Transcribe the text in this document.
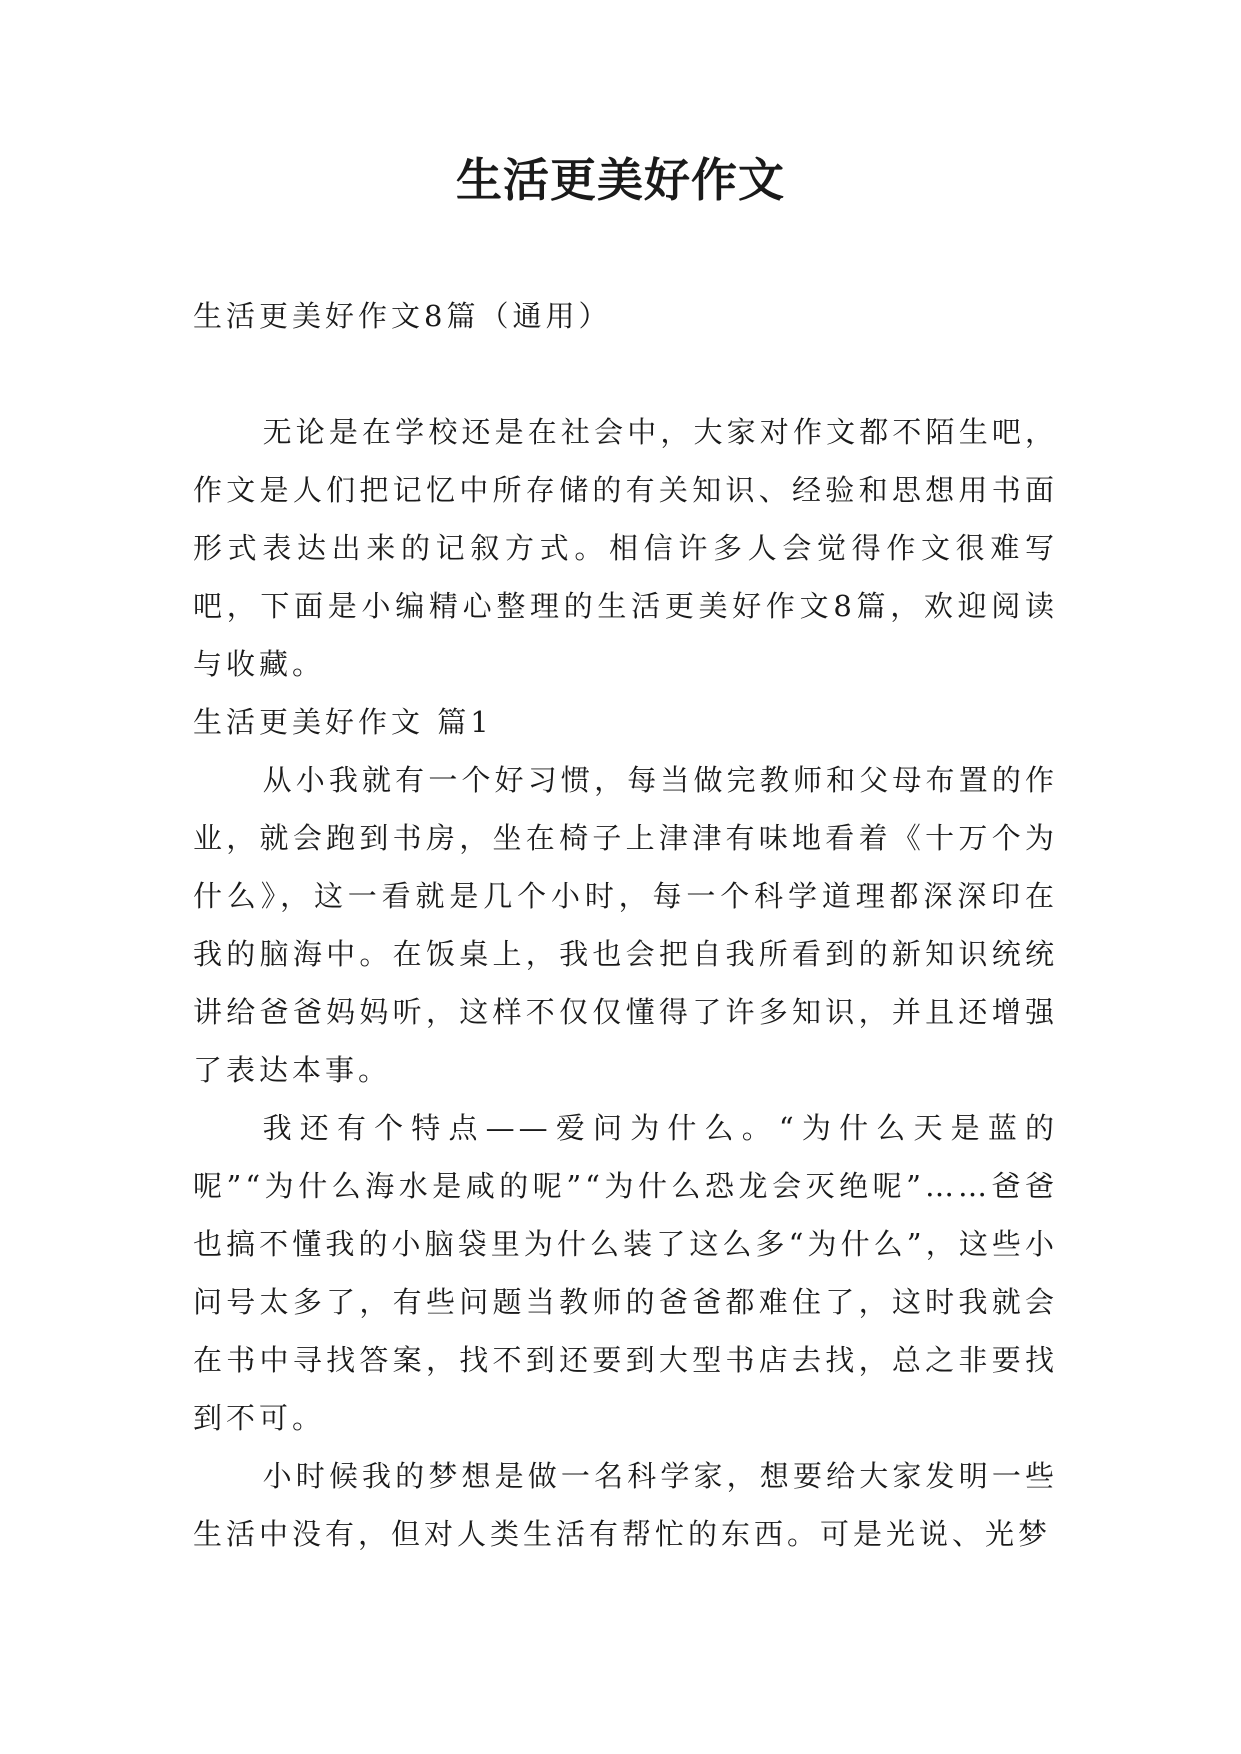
生活更美好作文
生活更美好作文8篇（通用）

无论是在学校还是在社会中，大家对作文都不陌生吧，作文是人们把记忆中所存储的有关知识、经验和思想用书面形式表达出来的记叙方式。相信许多人会觉得作文很难写吧，下面是小编精心整理的生活更美好作文8篇，欢迎阅读与收藏。

生活更美好作文 篇1

从小我就有一个好习惯，每当做完教师和父母布置的作业，就会跑到书房，坐在椅子上津津有味地看着《十万个为什么》，这一看就是几个小时，每一个科学道理都深深印在我的脑海中。在饭桌上，我也会把自我所看到的新知识统统讲给爸爸妈妈听，这样不仅仅懂得了许多知识，并且还增强了表达本事。

我还有个特点——爱问为什么。“为什么天是蓝的呢”“为什么海水是咸的呢”“为什么恐龙会灭绝呢”……爸爸也搞不懂我的小脑袋里为什么装了这么多“为什么”，这些小问号太多了，有些问题当教师的爸爸都难住了，这时我就会在书中寻找答案，找不到还要到大型书店去找，总之非要找到不可。

小时候我的梦想是做一名科学家，想要给大家发明一些生活中没有，但对人类生活有帮忙的东西。可是光说、光梦
